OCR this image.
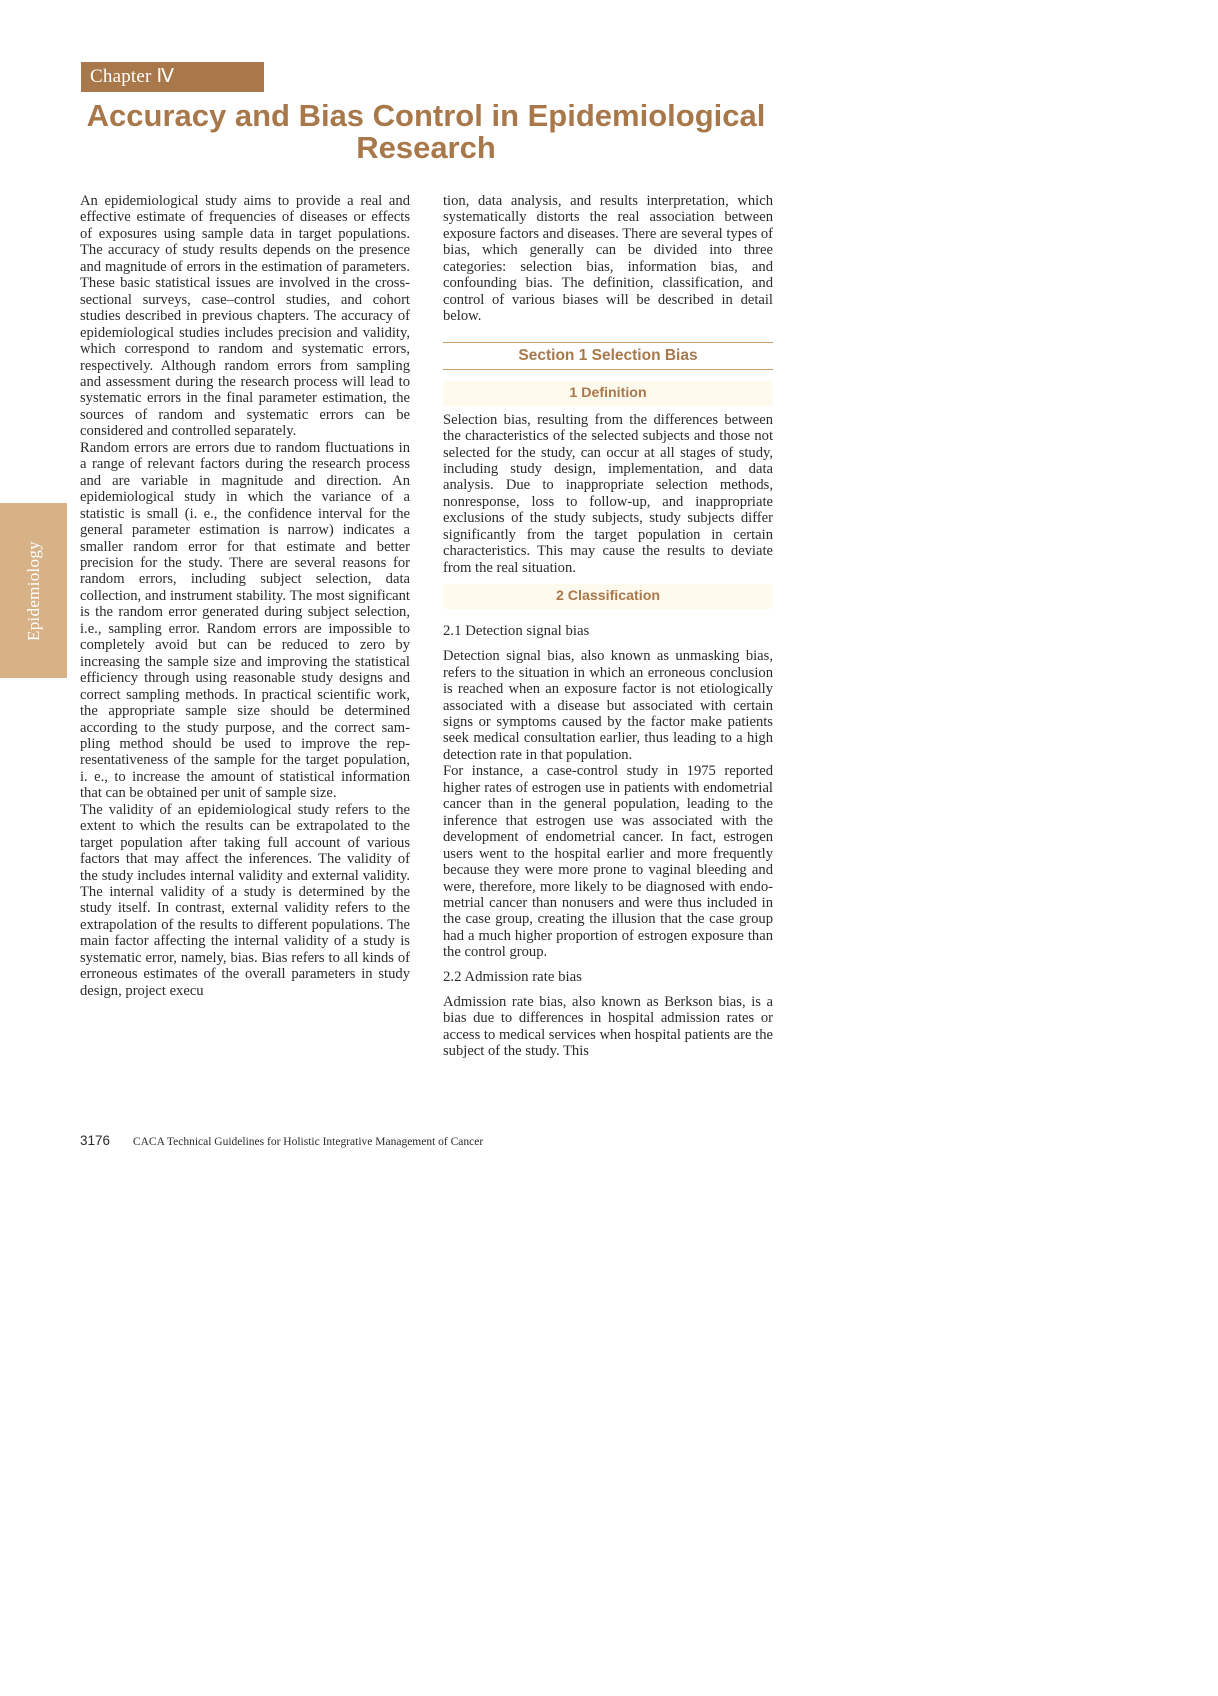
Chapter Ⅳ
Accuracy and Bias Control in Epidemiological Research
Epidemiology

An epidemiological study aims to provide a real and effective estimate of frequencies of diseases or effects of exposures using sample data in target populations. The accuracy of study results depends on the presence and magnitude of errors in the estimation of parameters. These basic statistical issues are involved in the cross-sectional surveys, case–control studies, and cohort studies described in previous chapters. The accuracy of epidemiological studies includes precision and validity, which correspond to random and systematic errors, respectively. Although random errors from sampling and assessment during the research process will lead to systematic errors in the final parameter estimation, the sources of random and systematic errors can be considered and controlled separately.

Random errors are errors due to random fluctuations in a range of relevant factors during the research process and are variable in magnitude and direction. An epidemiological study in which the variance of a statistic is small (i. e., the confidence interval for the general parameter estimation is narrow) indicates a smaller random error for that estimate and better precision for the study. There are several reasons for random errors, including subject selection, data collection, and instrument stability. The most significant is the random error generated during subject selection, i.e., sampling error. Random errors are impossible to completely avoid but can be reduced to zero by increasing the sample size and improving the statistical efficiency through using reasonable study designs and correct sampling methods. In practical scientific work, the appropriate sample size should be determined according to the study purpose, and the correct sampling method should be used to improve the representativeness of the sample for the target population, i. e., to increase the amount of statistical information that can be obtained per unit of sample size.

The validity of an epidemiological study refers to the extent to which the results can be extrapolated to the target population after taking full account of various factors that may affect the inferences. The validity of the study includes internal validity and external validity. The internal validity of a study is determined by the study itself. In contrast, external validity refers to the extrapolation of the results to different populations. The main factor affecting the internal validity of a study is systematic error, namely, bias. Bias refers to all kinds of erroneous estimates of the overall parameters in study design, project execu

tion, data analysis, and results interpretation, which systematically distorts the real association between exposure factors and diseases. There are several types of bias, which generally can be divided into three categories: selection bias, information bias, and confounding bias. The definition, classification, and control of various biases will be described in detail below.

Section 1 Selection Bias
1 Definition

Selection bias, resulting from the differences between the characteristics of the selected subjects and those not selected for the study, can occur at all stages of study, including study design, implementation, and data analysis. Due to inappropriate selection methods, nonresponse, loss to follow-up, and inappropriate exclusions of the study subjects, study subjects differ significantly from the target population in certain characteristics. This may cause the results to deviate from the real situation.

2 Classification
2.1 Detection signal bias

Detection signal bias, also known as unmasking bias, refers to the situation in which an erroneous conclusion is reached when an exposure factor is not etiologically associated with a disease but associated with certain signs or symptoms caused by the factor make patients seek medical consultation earlier, thus leading to a high detection rate in that population.

For instance, a case-control study in 1975 reported higher rates of estrogen use in patients with endometrial cancer than in the general population, leading to the inference that estrogen use was associated with the development of endometrial cancer. In fact, estrogen users went to the hospital earlier and more frequently because they were more prone to vaginal bleeding and were, therefore, more likely to be diagnosed with endometrial cancer than nonusers and were thus included in the case group, creating the illusion that the case group had a much higher proportion of estrogen exposure than the control group.

2.2 Admission rate bias

Admission rate bias, also known as Berkson bias, is a bias due to differences in hospital admission rates or access to medical services when hospital patients are the subject of the study. This

3176 CACA Technical Guidelines for Holistic Integrative Management of Cancer
